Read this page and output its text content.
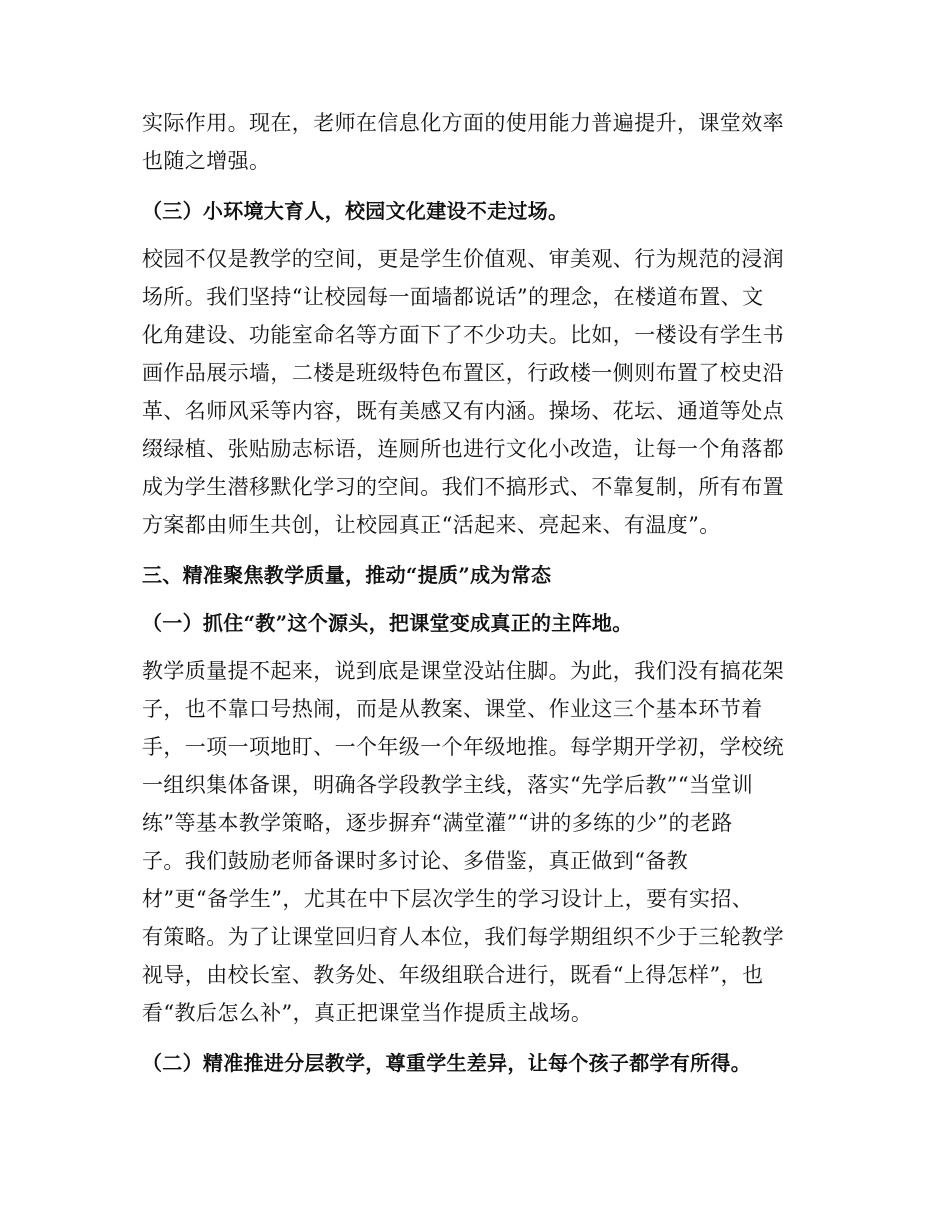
实际作用。现在，老师在信息化方面的使用能力普遍提升，课堂效率
也随之增强。

（三）小环境大育人，校园文化建设不走过场。

校园不仅是教学的空间，更是学生价值观、审美观、行为规范的浸润
场所。我们坚持“让校园每一面墙都说话”的理念，在楼道布置、文
化角建设、功能室命名等方面下了不少功夫。比如，一楼设有学生书
画作品展示墙，二楼是班级特色布置区，行政楼一侧则布置了校史沿
革、名师风采等内容，既有美感又有内涵。操场、花坛、通道等处点
缀绿植、张贴励志标语，连厕所也进行文化小改造，让每一个角落都
成为学生潜移默化学习的空间。我们不搞形式、不靠复制，所有布置
方案都由师生共创，让校园真正“活起来、亮起来、有温度”。

三、精准聚焦教学质量，推动“提质”成为常态
（一）抓住“教”这个源头，把课堂变成真正的主阵地。

教学质量提不起来，说到底是课堂没站住脚。为此，我们没有搞花架
子，也不靠口号热闹，而是从教案、课堂、作业这三个基本环节着
手，一项一项地盯、一个年级一个年级地推。每学期开学初，学校统
一组织集体备课，明确各学段教学主线，落实“先学后教”“当堂训
练”等基本教学策略，逐步摒弃“满堂灌”“讲的多练的少”的老路
子。我们鼓励老师备课时多讨论、多借鉴，真正做到“备教
材”更“备学生”，尤其在中下层次学生的学习设计上，要有实招、
有策略。为了让课堂回归育人本位，我们每学期组织不少于三轮教学
视导，由校长室、教务处、年级组联合进行，既看“上得怎样”，也
看“教后怎么补”，真正把课堂当作提质主战场。

（二）精准推进分层教学，尊重学生差异，让每个孩子都学有所得。
